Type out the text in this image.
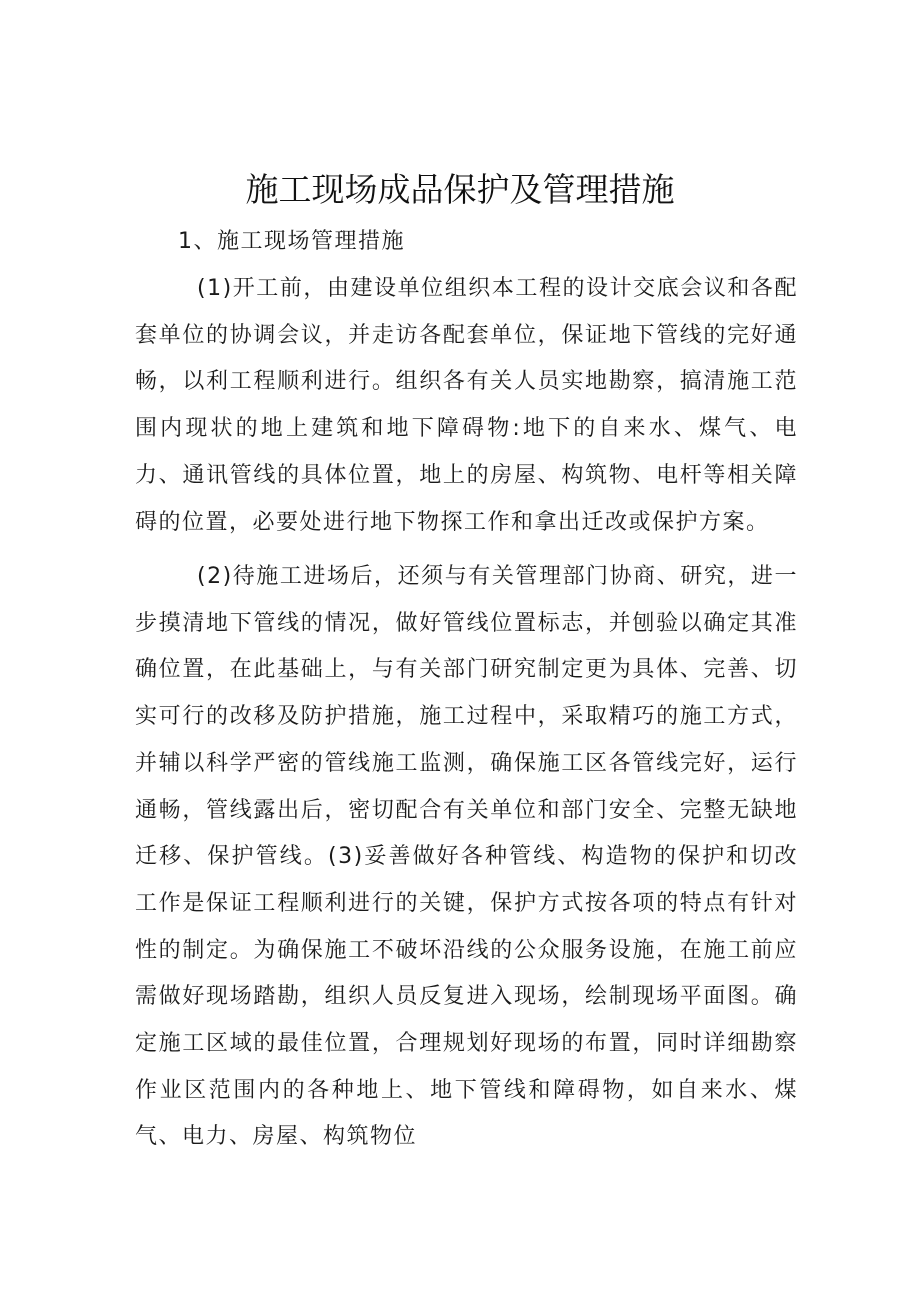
施工现场成品保护及管理措施
1、施工现场管理措施
(1)开工前，由建设单位组织本工程的设计交底会议和各配套单位的协调会议，并走访各配套单位，保证地下管线的完好通畅，以利工程顺利进行。组织各有关人员实地勘察，搞清施工范围内现状的地上建筑和地下障碍物:地下的自来水、煤气、电力、通讯管线的具体位置，地上的房屋、构筑物、电杆等相关障碍的位置，必要处进行地下物探工作和拿出迁改或保护方案。
(2)待施工进场后，还须与有关管理部门协商、研究，进一步摸清地下管线的情况，做好管线位置标志，并刨验以确定其准确位置，在此基础上，与有关部门研究制定更为具体、完善、切实可行的改移及防护措施，施工过程中，采取精巧的施工方式，并辅以科学严密的管线施工监测，确保施工区各管线完好，运行通畅，管线露出后，密切配合有关单位和部门安全、完整无缺地迁移、保护管线。(3)妥善做好各种管线、构造物的保护和切改工作是保证工程顺利进行的关键，保护方式按各项的特点有针对性的制定。为确保施工不破坏沿线的公众服务设施，在施工前应需做好现场踏勘，组织人员反复进入现场，绘制现场平面图。确定施工区域的最佳位置，合理规划好现场的布置，同时详细勘察作业区范围内的各种地上、地下管线和障碍物，如自来水、煤气、电力、房屋、构筑物位
